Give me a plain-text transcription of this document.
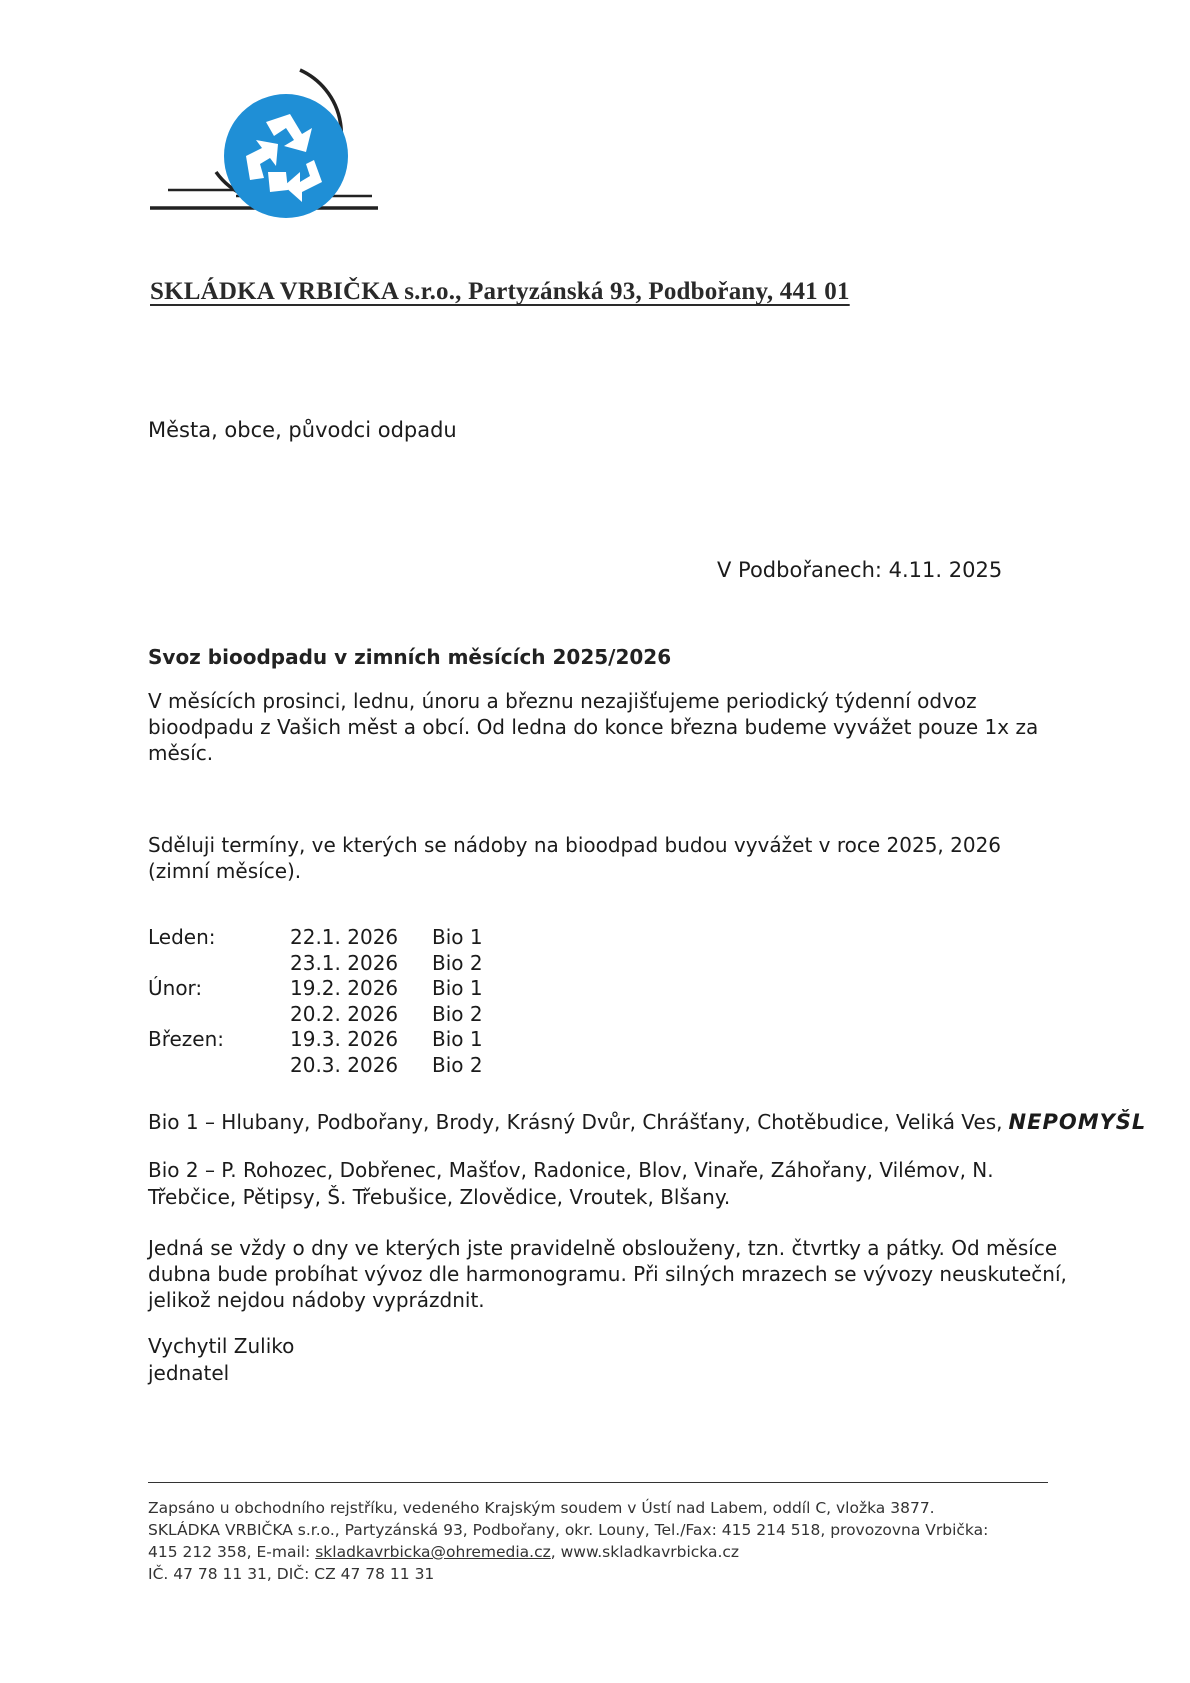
SKLÁDKA VRBIČKA s.r.o., Partyzánská 93, Podbořany, 441 01
Města, obce, původci odpadu
V Podbořanech: 4.11. 2025
Svoz bioodpadu v zimních měsících 2025/2026
V měsících prosinci, lednu, únoru a březnu nezajišťujeme periodický týdenní odvoz bioodpadu z Vašich měst a obcí. Od ledna do konce března budeme vyvážet pouze 1x za měsíc.
Sděluji termíny, ve kterých se nádoby na bioodpad budou vyvážet v roce 2025, 2026 (zimní měsíce).
Leden:	22.1. 2026 Bio 1
23.1. 2026 Bio 2
Únor:	19.2. 2026 Bio 1
20.2. 2026 Bio 2
Březen:	19.3. 2026 Bio 1
20.3. 2026 Bio 2
Bio 1 – Hlubany, Podbořany, Brody, Krásný Dvůr, Chrášťany, Chotěbudice, Veliká Ves, NEPOMYŠL
Bio 2 – P. Rohozec, Dobřenec, Mašťov, Radonice, Blov, Vinaře, Záhořany, Vilémov, N. Třebčice, Pětipsy, Š. Třebušice, Zlovědice, Vroutek, Blšany.
Jedná se vždy o dny ve kterých jste pravidelně obslouženy, tzn. čtvrtky a pátky. Od měsíce dubna bude probíhat vývoz dle harmonogramu. Při silných mrazech se vývozy neuskuteční, jelikož nejdou nádoby vyprázdnit.
Vychytil Zuliko
jednatel
Zapsáno u obchodního rejstříku, vedeného Krajským soudem v Ústí nad Labem, oddíl C, vložka 3877.
SKLÁDKA VRBIČKA s.r.o., Partyzánská 93, Podbořany, okr. Louny, Tel./Fax: 415 214 518, provozovna Vrbička:
415 212 358, E-mail: skladkavrbicka@ohremedia.cz, www.skladkavrbicka.cz
IČ. 47 78 11 31, DIČ: CZ 47 78 11 31
